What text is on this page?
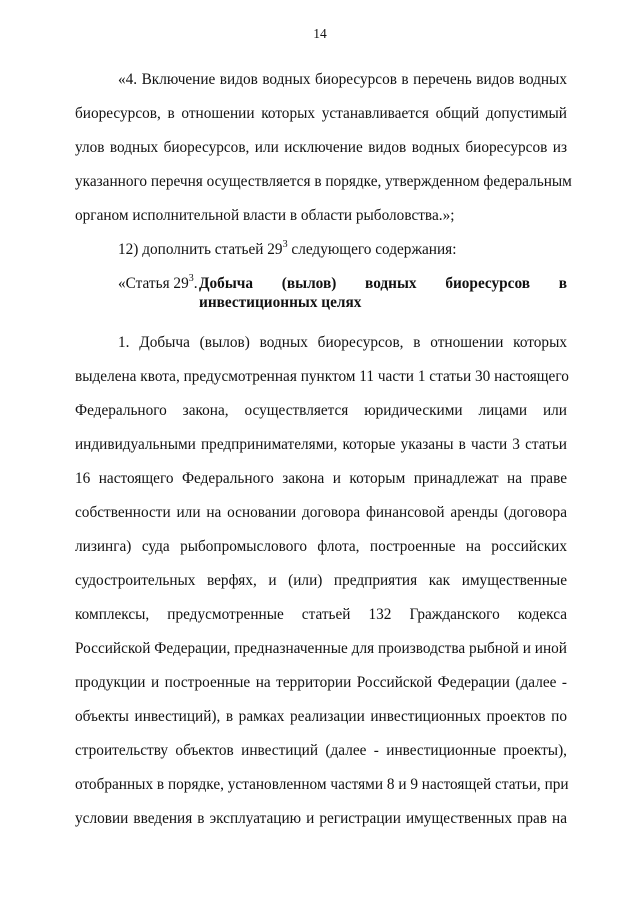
14
«4. Включение видов водных биоресурсов в перечень видов водных
биоресурсов, в отношении которых устанавливается общий допустимый
улов водных биоресурсов, или исключение видов водных биоресурсов из
указанного перечня осуществляется в порядке, утвержденном федеральным
органом исполнительной власти в области рыболовства.»;
12) дополнить статьей $29^3$ следующего содержания:
«Статья $29^3$. Добыча (вылов) водных биоресурсов в
инвестиционных целях
1. Добыча (вылов) водных биоресурсов, в отношении которых
выделена квота, предусмотренная пунктом 11 части 1 статьи 30 настоящего
Федерального закона, осуществляется юридическими лицами или
индивидуальными предпринимателями, которые указаны в части 3 статьи
16 настоящего Федерального закона и которым принадлежат на праве
собственности или на основании договора финансовой аренды (договора
лизинга) суда рыбопромыслового флота, построенные на российских
судостроительных верфях, и (или) предприятия как имущественные
комплексы, предусмотренные статьей 132 Гражданского кодекса
Российской Федерации, предназначенные для производства рыбной и иной
продукции и построенные на территории Российской Федерации (далее -
объекты инвестиций), в рамках реализации инвестиционных проектов по
строительству объектов инвестиций (далее - инвестиционные проекты),
отобранных в порядке, установленном частями 8 и 9 настоящей статьи, при
условии введения в эксплуатацию и регистрации имущественных прав на
